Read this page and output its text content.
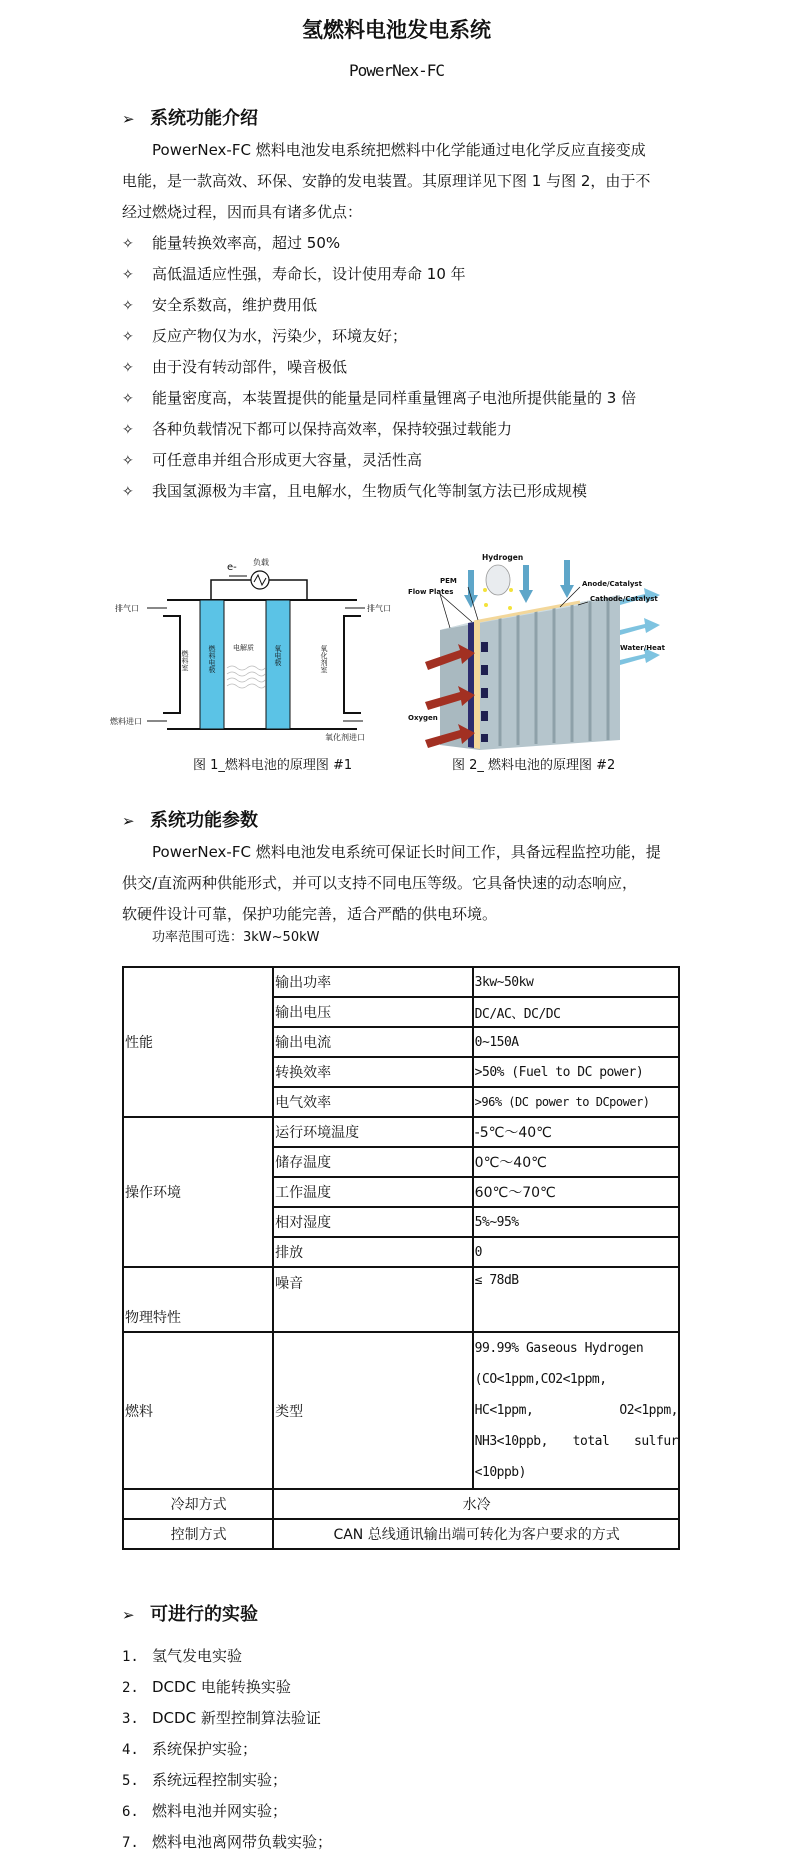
氢燃料电池发电系统
PowerNex-FC
➢ 系统功能介绍
PowerNex-FC 燃料电池发电系统把燃料中化学能通过电化学反应直接变成
电能，是一款高效、环保、安静的发电装置。其原理详见下图 1 与图 2，由于不
经过燃烧过程，因而具有诸多优点：
✧ 能量转换效率高，超过 50%
✧ 高低温适应性强，寿命长，设计使用寿命 10 年
✧ 安全系数高，维护费用低
✧ 反应产物仅为水，污染少，环境友好；
✧ 由于没有转动部件，噪音极低
✧ 能量密度高，本装置提供的能量是同样重量锂离子电池所提供能量的 3 倍
✧ 各种负载情况下都可以保持高效率，保持较强过载能力
✧ 可任意串并组合形成更大容量，灵活性高
✧ 我国氢源极为丰富，且电解水，生物质气化等制氢方法已形成规模
e- 负载
排气口	排气口
燃料进口
氧化剂进口
燃料室	燃料电极 电解质	氧电极	氧化剂室
图 1_燃料电池的原理图 #1
Hydrogen
PEM
Flow Plates
Anode/Catalyst
Cathode/Catalyst
Water/Heat
Oxygen
图 2_ 燃料电池的原理图 #2
➢ 系统功能参数
PowerNex-FC 燃料电池发电系统可保证长时间工作，具备远程监控功能，提
供交/直流两种供能形式，并可以支持不同电压等级。它具备快速的动态响应，
软硬件设计可靠，保护功能完善，适合严酷的供电环境。
功率范围可选：3kW~50kW
性能	输出功率	3kw~50kw
输出电压	DC/AC、DC/DC
输出电流	0~150A
转换效率	>50% (Fuel to DC power)
电气效率	>96% (DC power to DCpower)
操作环境	运行环境温度	-5℃～40℃
储存温度	0℃～40℃
工作温度	60℃～70℃
相对湿度	5%~95%
排放	0
物理特性	噪音	≤ 78dB
燃料	类型	
99.99% Gaseous Hydrogen
(CO<1ppm,CO2<1ppm,
HC<1ppm,	O2<1ppm,
NH3<10ppb, total sulfur
<10ppb)

冷却方式	水冷
控制方式	CAN 总线通讯输出端可转化为客户要求的方式
➢ 可进行的实验
1. 氢气发电实验
2. DCDC 电能转换实验
3. DCDC 新型控制算法验证
4. 系统保护实验；
5. 系统远程控制实验；
6. 燃料电池并网实验；
7. 燃料电池离网带负载实验；
